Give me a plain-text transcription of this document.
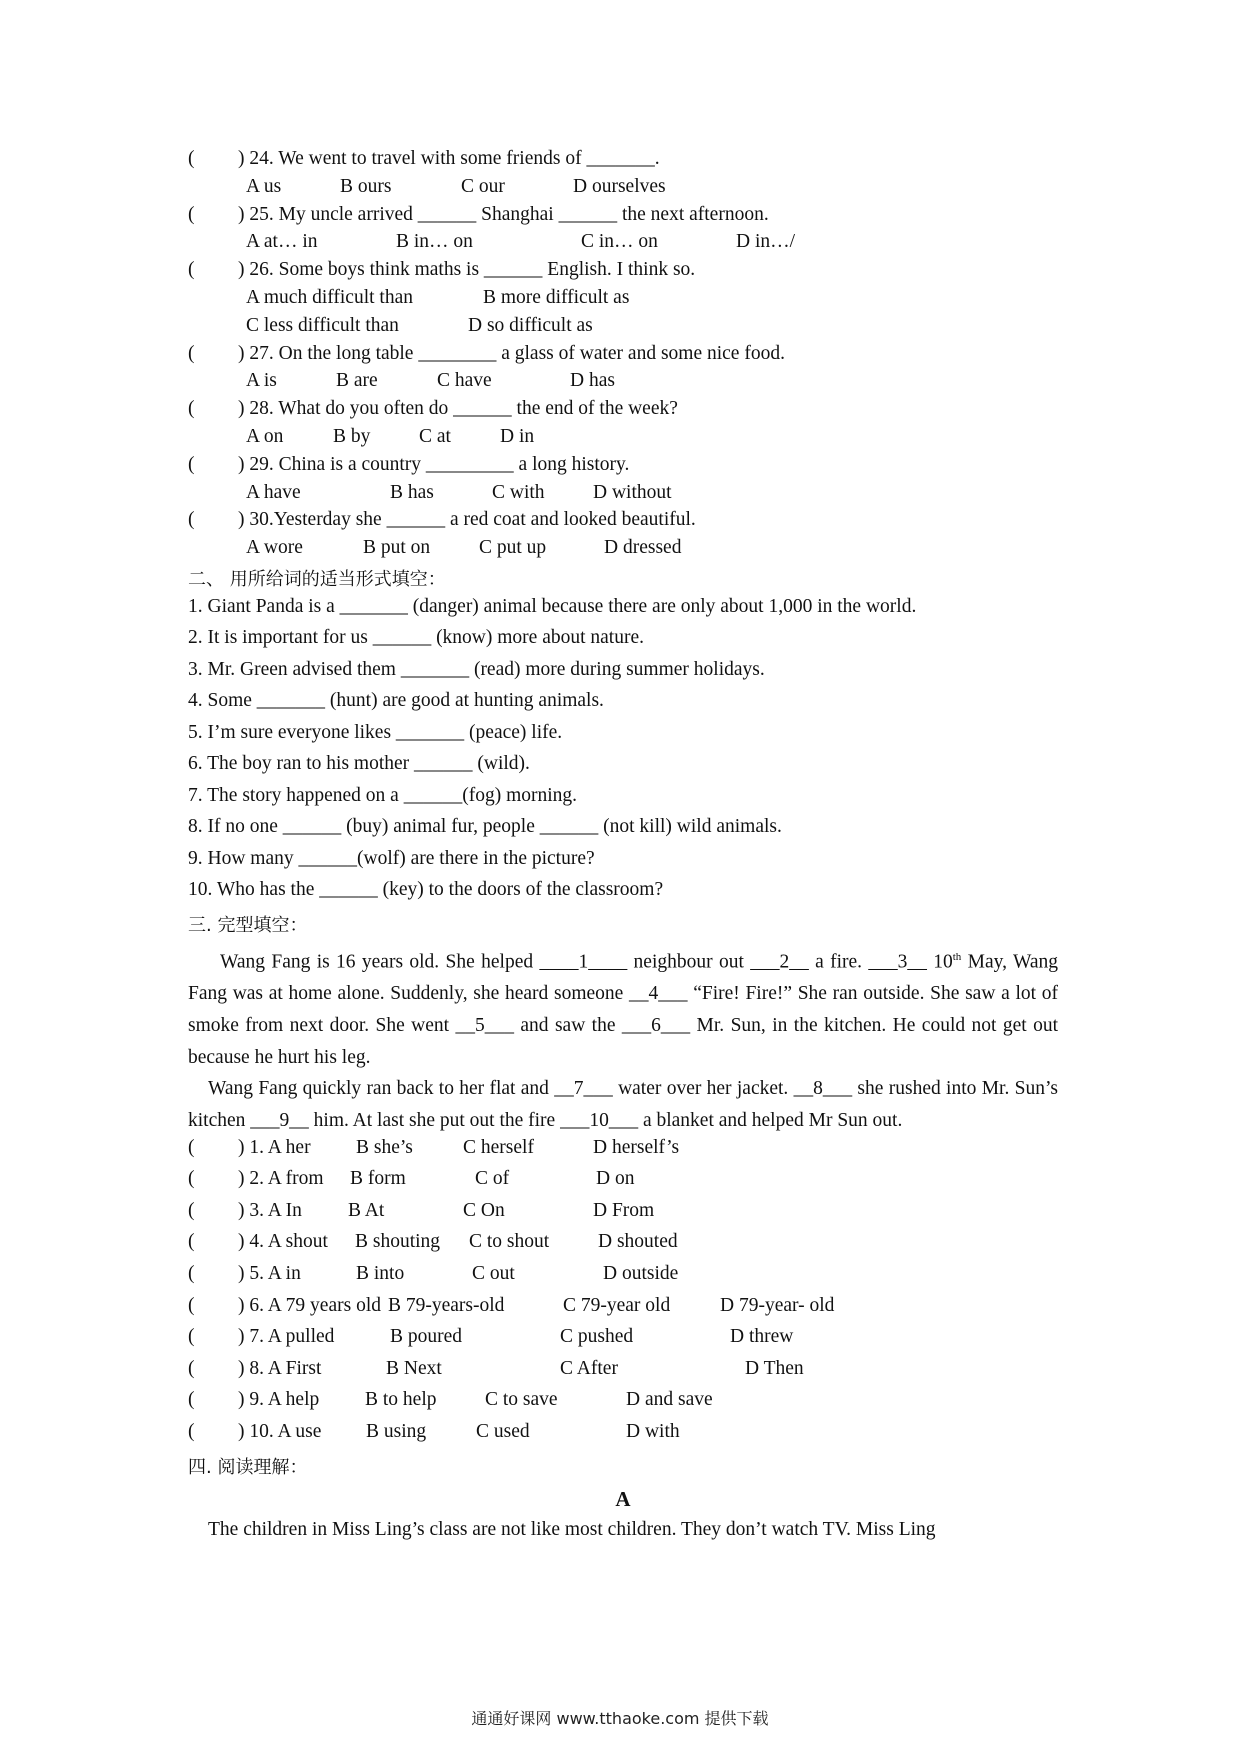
( ) 24. We went to travel with some friends of _______.
A us	B ours	C our	D ourselves
( ) 25. My uncle arrived ______ Shanghai ______ the next afternoon.
A at… in	B in… on	C in… on	D in…/
( ) 26. Some boys think maths is ______ English. I think so.
A much difficult than	B more difficult as
C less difficult than	D so difficult as
( ) 27. On the long table ________ a glass of water and some nice food.
A is	B are	C have	D has
( ) 28. What do you often do ______ the end of the week?
A on	B by C at	D in
( ) 29. China is a country _________ a long history.
A have	B has	C with D without
( ) 30.Yesterday she ______ a red coat and looked beautiful.
A wore	B put on	C put up	D dressed
二、 用所给词的适当形式填空：
1. Giant Panda is a _______ (danger) animal because there are only about 1,000 in the world.
2. It is important for us ______ (know) more about nature.
3. Mr. Green advised them _______ (read) more during summer holidays.
4. Some _______ (hunt) are good at hunting animals.
5. I’m sure everyone likes _______ (peace) life.
6. The boy ran to his mother ______ (wild).
7. The story happened on a ______(fog) morning.
8. If no one ______ (buy) animal fur, people ______ (not kill) wild animals.
9. How many ______(wolf) are there in the picture?
10. Who has the ______ (key) to the doors of the classroom?
三. 完型填空：

Wang Fang is 16 years old. She helped ____1____ neighbour out ___2__ a fire. ___3__ 10th May, Wang Fang was at home alone. Suddenly, she heard someone __4___ “Fire! Fire!” She ran outside. She saw a lot of smoke from next door. She went __5___ and saw the ___6___ Mr. Sun, in the kitchen. He could not get out because he hurt his leg.

Wang Fang quickly ran back to her flat and __7___ water over her jacket. __8___ she rushed into Mr. Sun’s kitchen ___9__ him. At last she put out the fire ___10___ a blanket and helped Mr Sun out.

( ) 1. A her B she’s	C herself	D herself’s
( ) 2. A from B form	C of	D on
( ) 3. A In B At	C On	D From
( ) 4. A shout B shouting C to shout	D shouted
( ) 5. A in	B into	C out	D outside
( ) 6. A 79 years old B 79-years-old	C 79-year old	D 79-year- old
( ) 7. A pulled	B poured	C pushed	D threw
( ) 8. A First	B Next	C After	D Then
( ) 9. A help B to help C to save	D and save
( ) 10. A use B using	C used	D with
四. 阅读理解：
A

The children in Miss Ling’s class are not like most children. They don’t watch TV. Miss Ling

通通好课网 www.tthaoke.com 提供下载
